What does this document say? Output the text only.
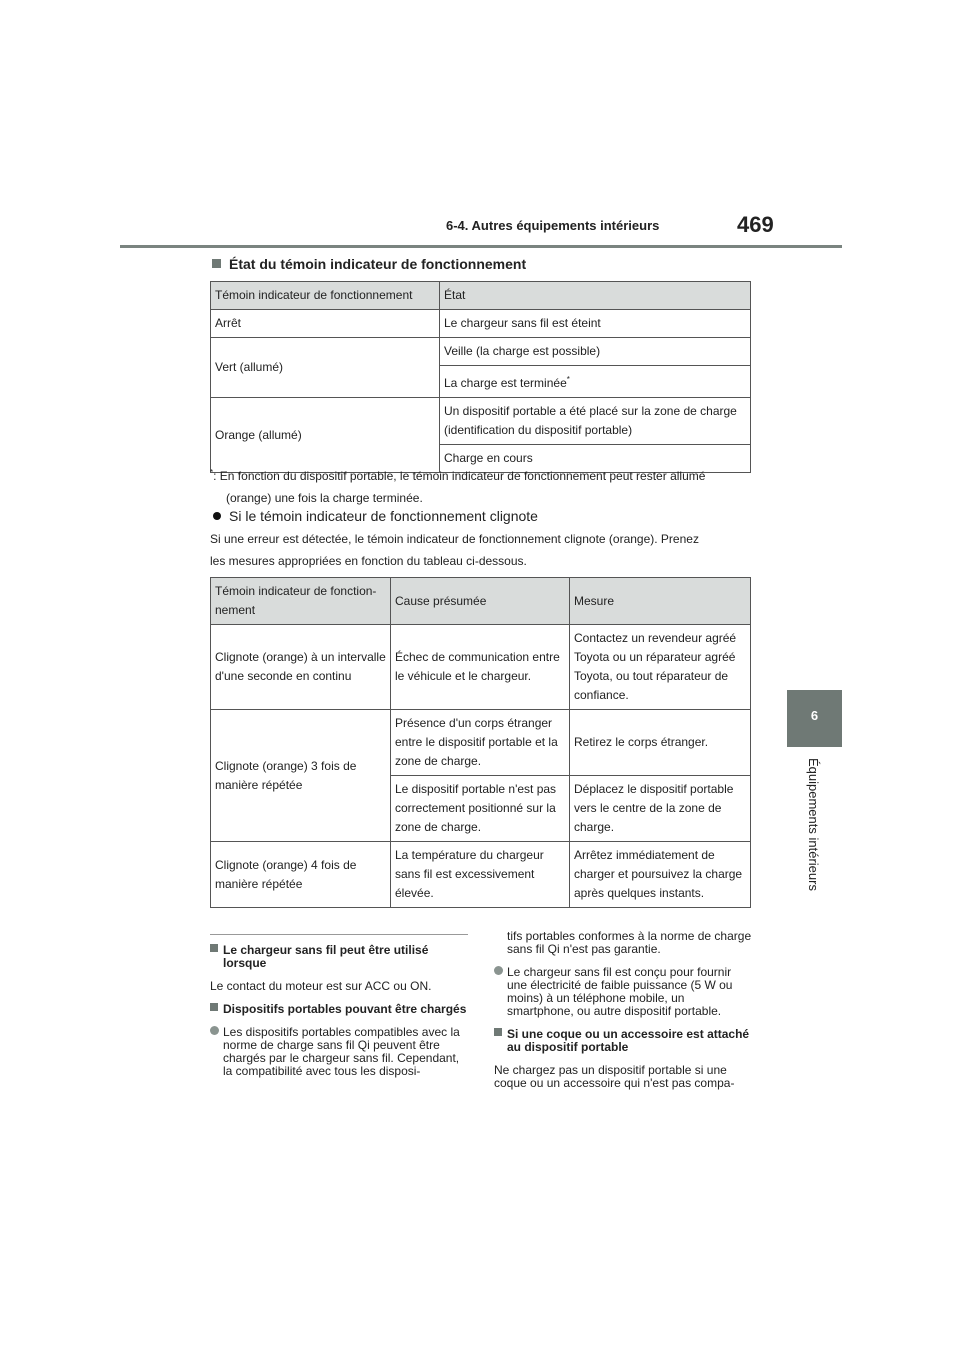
6-4. Autres équipements intérieurs	469
6
Équipements intérieurs
État du témoin indicateur de fonctionnement
Témoin indicateur de fonctionnement	État
Arrêt	Le chargeur sans fil est éteint
Vert (allumé)	Veille (la charge est possible)
	La charge est terminée*
Orange (allumé)	Un dispositif portable a été placé sur la zone de charge (identification du dispositif portable)
	Charge en cours
*: En fonction du dispositif portable, le témoin indicateur de fonctionnement peut rester allumé
(orange) une fois la charge terminée.
Si le témoin indicateur de fonctionnement clignote
Si une erreur est détectée, le témoin indicateur de fonctionnement clignote (orange). Prenez
les mesures appropriées en fonction du tableau ci-dessous.
Témoin indicateur de fonction-nement	Cause présumée	Mesure
Clignote (orange) à un intervalle d'une seconde en continu	Échec de communication entre le véhicule et le chargeur.	Contactez un revendeur agréé Toyota ou un réparateur agréé Toyota, ou tout réparateur de confiance.
Clignote (orange) 3 fois de manière répétée	Présence d'un corps étranger entre le dispositif portable et la zone de charge.	Retirez le corps étranger.
	Le dispositif portable n'est pas correctement positionné sur la zone de charge.	Déplacez le dispositif portable vers le centre de la zone de charge.
Clignote (orange) 4 fois de manière répétée	La température du chargeur sans fil est excessivement élevée.	Arrêtez immédiatement de charger et poursuivez la charge après quelques instants.

Le chargeur sans fil peut être utilisé lorsque

Le contact du moteur est sur ACC ou ON.

Dispositifs portables pouvant être chargés

Les dispositifs portables compatibles avec la norme de charge sans fil Qi peuvent être chargés par le chargeur sans fil. Cependant, la compatibilité avec tous les disposi-

tifs portables conformes à la norme de charge sans fil Qi n'est pas garantie.

Le chargeur sans fil est conçu pour fournir une électricité de faible puissance (5 W ou moins) à un téléphone mobile, un smartphone, ou autre dispositif portable.

Si une coque ou un accessoire est attaché au dispositif portable

Ne chargez pas un dispositif portable si une coque ou un accessoire qui n'est pas compa-
